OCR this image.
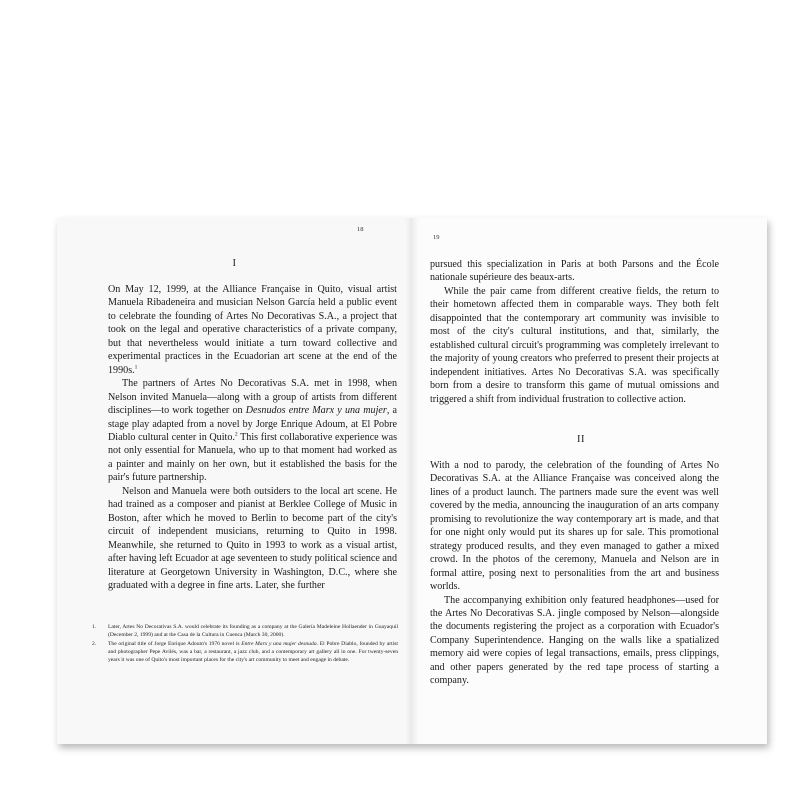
18

I

On May 12, 1999, at the Alliance Française in Quito, visual artist Manuela Ribadeneira and musician Nelson García held a public event to celebrate the founding of Artes No Decorativas S.A., a project that took on the legal and operative characteristics of a private company, but that nevertheless would initiate a turn toward collective and experimental practices in the Ecuadorian art scene at the end of the 1990s.$^1$

The partners of Artes No Decorativas S.A. met in 1998, when Nelson invited Manuela—along with a group of artists from different disciplines—to work together on Desnudos entre Marx y una mujer, a stage play adapted from a novel by Jorge Enrique Adoum, at El Pobre Diablo cultural center in Quito.$^2$ This first collaborative experience was not only essential for Manuela, who up to that moment had worked as a painter and mainly on her own, but it established the basis for the pair's future partnership.

Nelson and Manuela were both outsiders to the local art scene. He had trained as a composer and pianist at Berklee College of Music in Boston, after which he moved to Berlin to become part of the city's circuit of independent musicians, returning to Quito in 1998. Meanwhile, she returned to Quito in 1993 to work as a visual artist, after having left Ecuador at age seventeen to study political science and literature at Georgetown University in Washington, D.C., where she graduated with a degree in fine arts. Later, she further

1. Later, Artes No Decorativas S.A. would celebrate its founding as a company at the Galería Madeleine Hollaender in Guayaquil (December 2, 1999) and at the Casa de la Cultura in Cuenca (March 30, 2000).
2. The original title of Jorge Enrique Adoum's 1976 novel is Entre Marx y una mujer desnuda. El Pobre Diablo, founded by artist and photographer Pepe Avilés, was a bar, a restaurant, a jazz club, and a contemporary art gallery all in one. For twenty-seven years it was one of Quito's most important places for the city's art community to meet and engage in debate.
19

pursued this specialization in Paris at both Parsons and the École nationale supérieure des beaux-arts.

While the pair came from different creative fields, the return to their hometown affected them in comparable ways. They both felt disappointed that the contemporary art community was invisible to most of the city's cultural institutions, and that, similarly, the established cultural circuit's programming was completely irrelevant to the majority of young creators who preferred to present their projects at independent initiatives. Artes No Decorativas S.A. was specifically born from a desire to transform this game of mutual omissions and triggered a shift from individual frustration to collective action.

II

With a nod to parody, the celebration of the founding of Artes No Decorativas S.A. at the Alliance Française was conceived along the lines of a product launch. The partners made sure the event was well covered by the media, announcing the inauguration of an arts company promising to revolutionize the way contemporary art is made, and that for one night only would put its shares up for sale. This promotional strategy produced results, and they even managed to gather a mixed crowd. In the photos of the ceremony, Manuela and Nelson are in formal attire, posing next to personalities from the art and business worlds.

The accompanying exhibition only featured headphones—used for the Artes No Decorativas S.A. jingle composed by Nelson—alongside the documents registering the project as a corporation with Ecuador's Company Superintendence. Hanging on the walls like a spatialized memory aid were copies of legal transactions, emails, press clippings, and other papers generated by the red tape process of starting a company.
